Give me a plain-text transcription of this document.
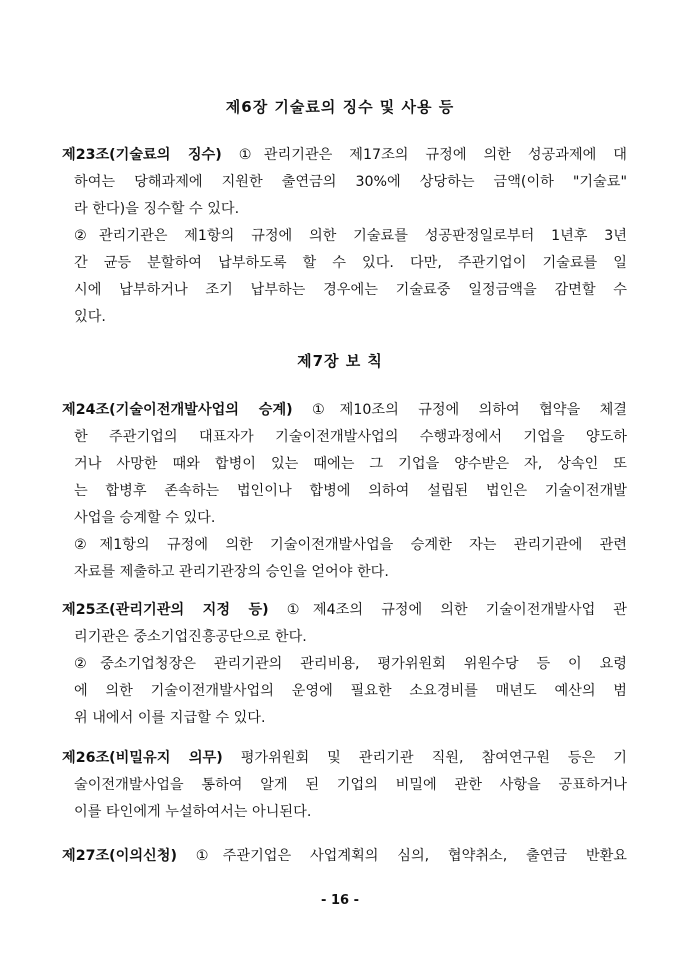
제6장 기술료의 징수 및 사용 등
제23조(기술료의 징수) ①관리기관은 제17조의 규정에 의한 성공과제에 대
하여는 당해과제에 지원한 출연금의 30%에 상당하는 금액(이하 "기술료"
라 한다)을 징수할 수 있다.
②관리기관은 제1항의 규정에 의한 기술료를 성공판정일로부터 1년후 3년
간 균등 분할하여 납부하도록 할 수 있다. 다만, 주관기업이 기술료를 일
시에 납부하거나 조기 납부하는 경우에는 기술료중 일정금액을 감면할 수
있다.
제7장 보 칙
제24조(기술이전개발사업의 승계) ①제10조의 규정에 의하여 협약을 체결
한 주관기업의 대표자가 기술이전개발사업의 수행과정에서 기업을 양도하
거나 사망한 때와 합병이 있는 때에는 그 기업을 양수받은 자, 상속인 또
는 합병후 존속하는 법인이나 합병에 의하여 설립된 법인은 기술이전개발
사업을 승계할 수 있다.
②제1항의 규정에 의한 기술이전개발사업을 승계한 자는 관리기관에 관련
자료를 제출하고 관리기관장의 승인을 얻어야 한다.
제25조(관리기관의 지정 등) ①제4조의 규정에 의한 기술이전개발사업 관
리기관은 중소기업진흥공단으로 한다.
②중소기업청장은 관리기관의 관리비용, 평가위원회 위원수당 등 이 요령
에 의한 기술이전개발사업의 운영에 필요한 소요경비를 매년도 예산의 범
위 내에서 이를 지급할 수 있다.
제26조(비밀유지 의무) 평가위원회 및 관리기관 직원, 참여연구원 등은 기
술이전개발사업을 통하여 알게 된 기업의 비밀에 관한 사항을 공표하거나
이를 타인에게 누설하여서는 아니된다.
제27조(이의신청) ①주관기업은 사업계획의 심의, 협약취소, 출연금 반환요
- 16 -
